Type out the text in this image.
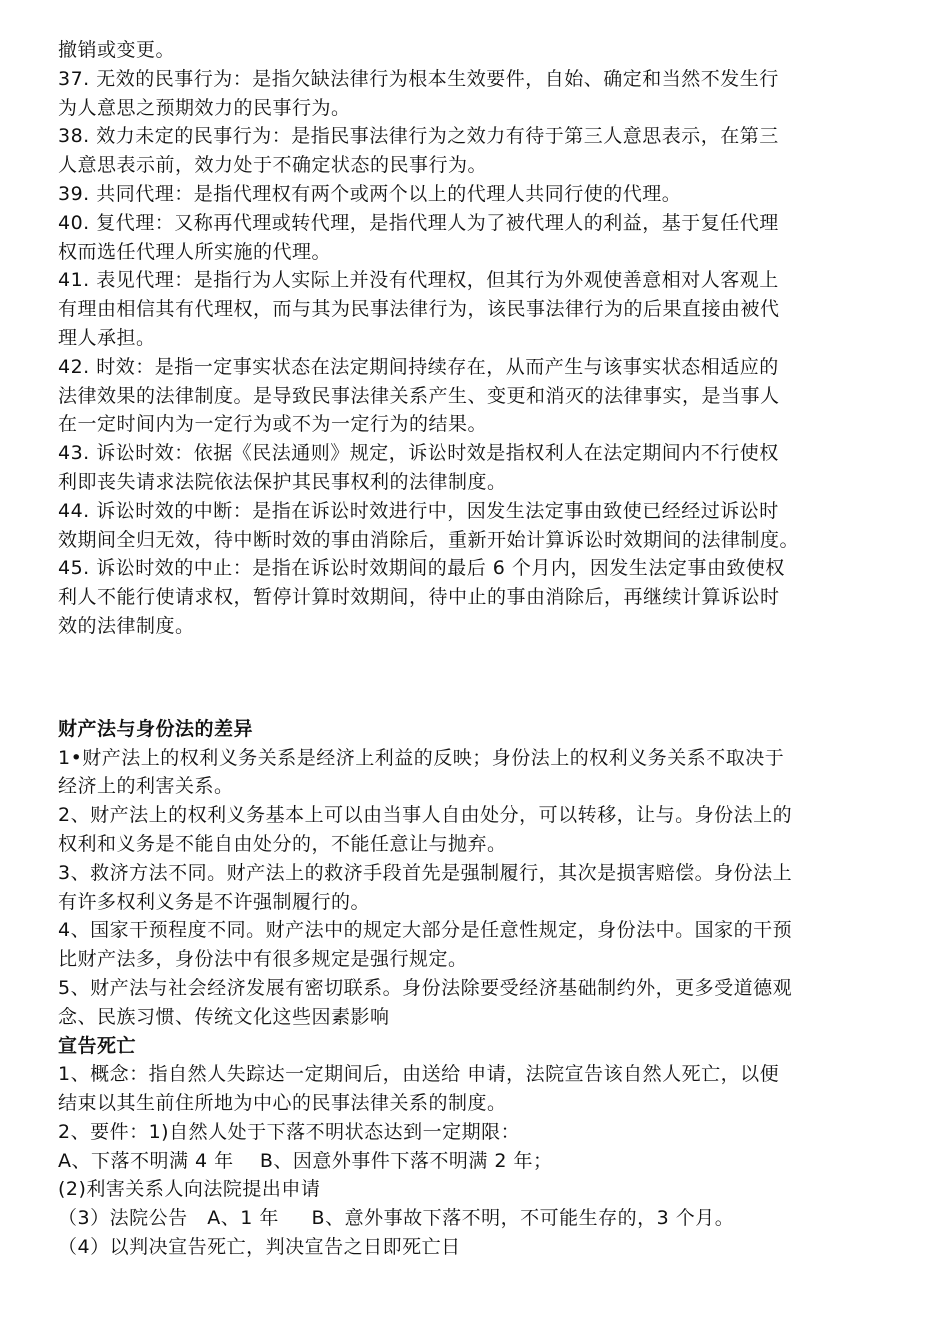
撤销或变更。
37. 无效的民事行为：是指欠缺法律行为根本生效要件，自始、确定和当然不发生行
为人意思之预期效力的民事行为。
38. 效力未定的民事行为：是指民事法律行为之效力有待于第三人意思表示，在第三
人意思表示前，效力处于不确定状态的民事行为。
39. 共同代理：是指代理权有两个或两个以上的代理人共同行使的代理。
40. 复代理：又称再代理或转代理，是指代理人为了被代理人的利益，基于复任代理
权而选任代理人所实施的代理。
41. 表见代理：是指行为人实际上并没有代理权，但其行为外观使善意相对人客观上
有理由相信其有代理权，而与其为民事法律行为，该民事法律行为的后果直接由被代
理人承担。
42. 时效：是指一定事实状态在法定期间持续存在，从而产生与该事实状态相适应的
法律效果的法律制度。是导致民事法律关系产生、变更和消灭的法律事实，是当事人
在一定时间内为一定行为或不为一定行为的结果。
43. 诉讼时效：依据《民法通则》规定，诉讼时效是指权利人在法定期间内不行使权
利即丧失请求法院依法保护其民事权利的法律制度。
44. 诉讼时效的中断：是指在诉讼时效进行中，因发生法定事由致使已经经过诉讼时
效期间全归无效，待中断时效的事由消除后，重新开始计算诉讼时效期间的法律制度。
45. 诉讼时效的中止：是指在诉讼时效期间的最后 6 个月内，因发生法定事由致使权
利人不能行使请求权，暂停计算时效期间，待中止的事由消除后，再继续计算诉讼时
效的法律制度。
财产法与身份法的差异
1•财产法上的权利义务关系是经济上利益的反映；身份法上的权利义务关系不取决于
经济上的利害关系。
2、财产法上的权利义务基本上可以由当事人自由处分，可以转移，让与。身份法上的
权利和义务是不能自由处分的，不能任意让与抛弃。
3、救济方法不同。财产法上的救济手段首先是强制履行，其次是损害赔偿。身份法上
有许多权利义务是不许强制履行的。
4、国家干预程度不同。财产法中的规定大部分是任意性规定，身份法中。国家的干预
比财产法多，身份法中有很多规定是强行规定。
5、财产法与社会经济发展有密切联系。身份法除要受经济基础制约外，更多受道德观
念、民族习惯、传统文化这些因素影响
宣告死亡
1、概念：指自然人失踪达一定期间后，由送给 申请，法院宣告该自然人死亡，以便
结束以其生前住所地为中心的民事法律关系的制度。
2、要件：1)自然人处于下落不明状态达到一定期限：
A、下落不明满 4 年    B、因意外事件下落不明满 2 年；
(2)利害关系人向法院提出申请
（3）法院公告   A、1 年     B、意外事故下落不明，不可能生存的，3 个月。
（4）以判决宣告死亡，判决宣告之日即死亡日
